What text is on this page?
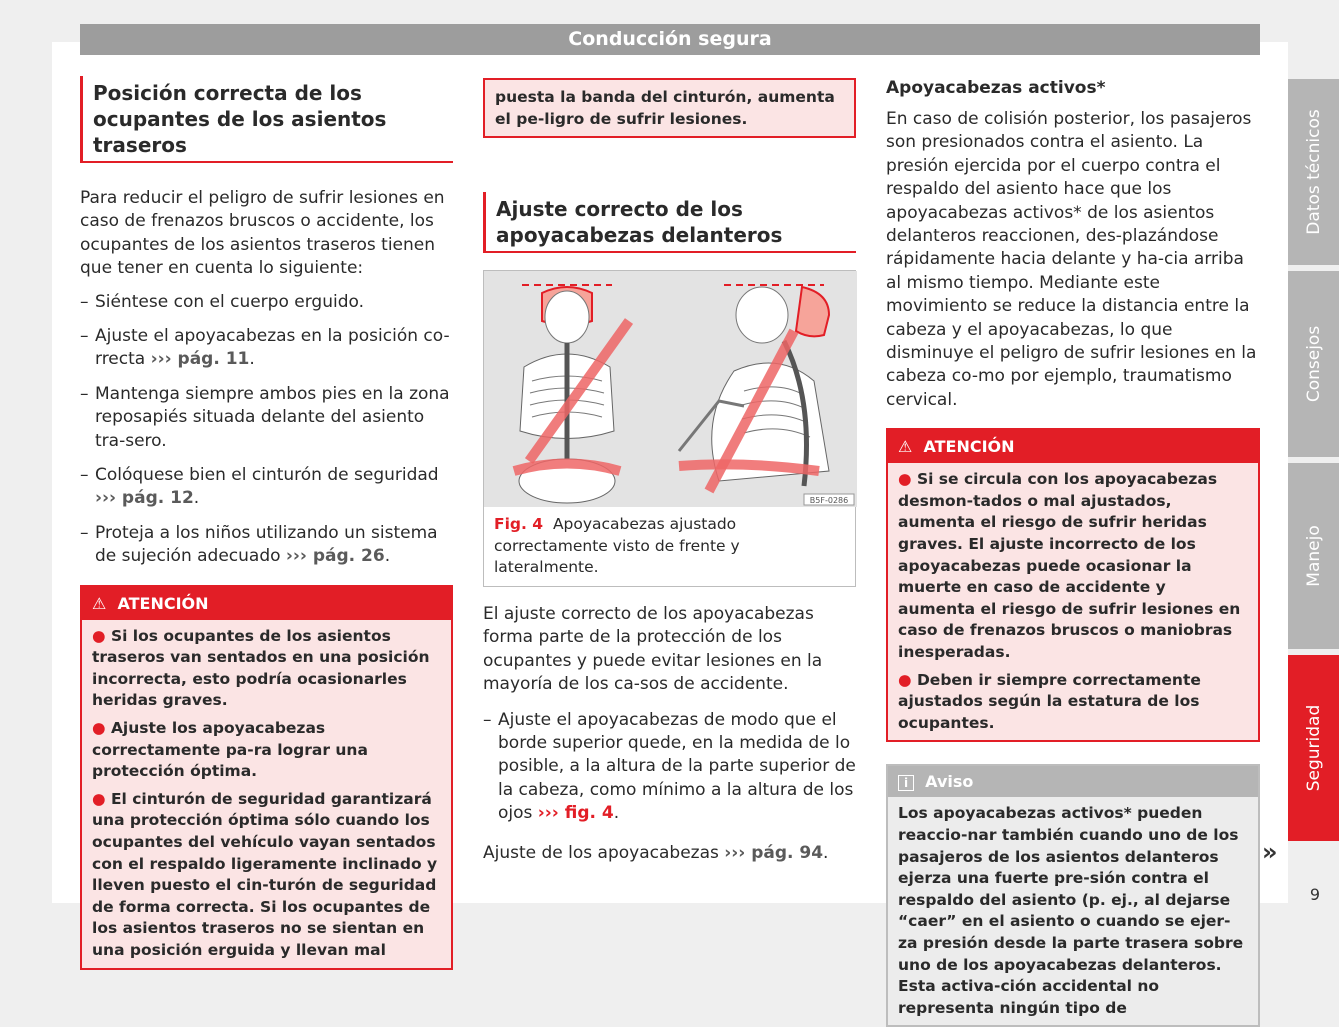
Conducción segura
Posición correcta de los ocupantes de los asientos traseros

Para reducir el peligro de sufrir lesiones en caso de frenazos bruscos o accidente, los ocupantes de los asientos traseros tienen que tener en cuenta lo siguiente:

– Siéntese con el cuerpo erguido.
– Ajuste el apoyacabezas en la posición co-rrecta ››› pág. 11.
– Mantenga siempre ambos pies en la zona reposapiés situada delante del asiento tra-sero.
– Colóquese bien el cinturón de seguridad ››› pág. 12.
– Proteja a los niños utilizando un sistema de sujeción adecuado ››› pág. 26.
⚠ ATENCIÓN
● Si los ocupantes de los asientos traseros van sentados en una posición incorrecta, esto podría ocasionarles heridas graves.
● Ajuste los apoyacabezas correctamente pa-ra lograr una protección óptima.
● El cinturón de seguridad garantizará una protección óptima sólo cuando los ocupantes del vehículo vayan sentados con el respaldo ligeramente inclinado y lleven puesto el cin-turón de seguridad de forma correcta. Si los ocupantes de los asientos traseros no se sientan en una posición erguida y llevan mal
puesta la banda del cinturón, aumenta el pe-ligro de sufrir lesiones.
Ajuste correcto de los apoyacabezas delanteros
B5F-0286
Fig. 4 Apoyacabezas ajustado correctamente visto de frente y lateralmente.

El ajuste correcto de los apoyacabezas forma parte de la protección de los ocupantes y puede evitar lesiones en la mayoría de los ca-sos de accidente.

– Ajuste el apoyacabezas de modo que el borde superior quede, en la medida de lo posible, a la altura de la parte superior de la cabeza, como mínimo a la altura de los ojos ››› fig. 4.

Ajuste de los apoyacabezas ››› pág. 94.

Apoyacabezas activos*

En caso de colisión posterior, los pasajeros son presionados contra el asiento. La presión ejercida por el cuerpo contra el respaldo del asiento hace que los apoyacabezas activos* de los asientos delanteros reaccionen, des-plazándose rápidamente hacia delante y ha-cia arriba al mismo tiempo. Mediante este movimiento se reduce la distancia entre la cabeza y el apoyacabezas, lo que disminuye el peligro de sufrir lesiones en la cabeza co-mo por ejemplo, traumatismo cervical.

⚠ ATENCIÓN
● Si se circula con los apoyacabezas desmon-tados o mal ajustados, aumenta el riesgo de sufrir heridas graves. El ajuste incorrecto de los apoyacabezas puede ocasionar la muerte en caso de accidente y aumenta el riesgo de sufrir lesiones en caso de frenazos bruscos o maniobras inesperadas.
● Deben ir siempre correctamente ajustados según la estatura de los ocupantes.
i Aviso
Los apoyacabezas activos* pueden reaccio-nar también cuando uno de los pasajeros de los asientos delanteros ejerza una fuerte pre-sión contra el respaldo del asiento (p. ej., al dejarse “caer” en el asiento o cuando se ejer-za presión desde la parte trasera sobre uno de los apoyacabezas delanteros. Esta activa-ción accidental no representa ningún tipo de
»
Datos técnicos
Consejos
Manejo
Seguridad
9
